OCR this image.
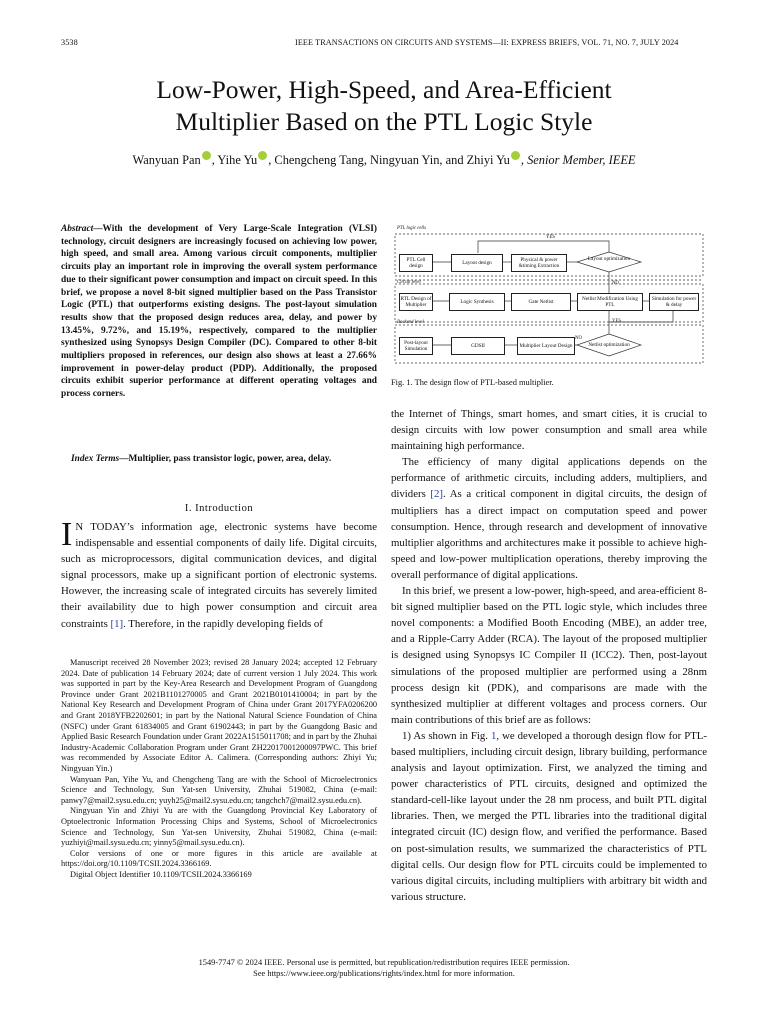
3538	IEEE TRANSACTIONS ON CIRCUITS AND SYSTEMS—II: EXPRESS BRIEFS, VOL. 71, NO. 7, JULY 2024
Low-Power, High-Speed, and Area-Efficient
Multiplier Based on the PTL Logic Style
Wanyuan Pan , Yihe Yu , Chengcheng Tang, Ningyuan Yin, and Zhiyi Yu , Senior Member, IEEE
Abstract—With the development of Very Large-Scale Integration (VLSI) technology, circuit designers are increasingly focused on achieving low power, high speed, and small area. Among various circuit components, multiplier circuits play an important role in improving the overall system performance due to their significant power consumption and impact on circuit speed. In this brief, we propose a novel 8-bit signed multiplier based on the Pass Transistor Logic (PTL) that outperforms existing designs. The post-layout simulation results show that the proposed design reduces area, delay, and power by 13.45%, 9.72%, and 15.19%, respectively, compared to the multiplier synthesized using Synopsys Design Compiler (DC). Compared to other 8-bit multipliers proposed in references, our design also shows at least a 27.66% improvement in power-delay product (PDP). Additionally, the proposed circuits exhibit superior performance at different operating voltages and process corners.
Index Terms—Multiplier, pass transistor logic, power, area, delay.
I. Introduction
I N TODAY’s information age, electronic systems have become indispensable and essential components of daily life. Digital circuits, such as microprocessors, digital communication devices, and digital signal processors, make up a significant portion of electronic systems. However, the increasing scale of integrated circuits has severely limited their availability due to high power consumption and circuit area constraints [1]. Therefore, in the rapidly developing fields of

Manuscript received 28 November 2023; revised 28 January 2024; accepted 12 February 2024. Date of publication 14 February 2024; date of current version 1 July 2024. This work was supported in part by the Key-Area Research and Development Program of Guangdong Province under Grant 2021B1101270005 and Grant 2021B0101410004; in part by the National Key Research and Development Program of China under Grant 2017YFA0206200 and Grant 2018YFB2202601; in part by the National Natural Science Foundation of China (NSFC) under Grant 61834005 and Grant 61902443; in part by the Guangdong Basic and Applied Basic Research Foundation under Grant 2022A1515011708; and in part by the Zhuhai Industry-Academic Collaboration Program under Grant ZH22017001200097PWC. This brief was recommended by Associate Editor A. Calimera. (Corresponding authors: Zhiyi Yu; Ningyuan Yin.)

Wanyuan Pan, Yihe Yu, and Chengcheng Tang are with the School of Microelectronics Science and Technology, Sun Yat-sen University, Zhuhai 519082, China (e-mail: panwy7@mail2.sysu.edu.cn; yuyh25@mail2.sysu.edu.cn; tangchch7@mail2.sysu.edu.cn).

Ningyuan Yin and Zhiyi Yu are with the Guangdong Provincial Key Laboratory of Optoelectronic Information Processing Chips and Systems, School of Microelectronics Science and Technology, Sun Yat-sen University, Zhuhai 519082, China (e-mail: yuzhiyi@mail.sysu.edu.cn; yinny5@mail.sysu.edu.cn).

Color versions of one or more figures in this article are available at https://doi.org/10.1109/TCSII.2024.3366169.

Digital Object Identifier 10.1109/TCSII.2024.3366169

PTL logic cells
Circuit level
Backend level
YES
NO
YES
NO
PTL Cell design	Layout design	Physical & power &timing Extraction
Layout optimization
RTL Design of Multiplier	Logic Synthesis	Gate Netlist	Netlist Modification Using PTL
Simulation for power & delay
Post-layout Simulation	GDSII	Multiplier Layout Design	Netlist optimization
Fig. 1. The design flow of PTL-based multiplier.

the Internet of Things, smart homes, and smart cities, it is crucial to design circuits with low power consumption and small area while maintaining high performance.

The efficiency of many digital applications depends on the performance of arithmetic circuits, including adders, multipliers, and dividers [2]. As a critical component in digital circuits, the design of multipliers has a direct impact on computation speed and power consumption. Hence, through research and development of innovative multiplier algorithms and architectures make it possible to achieve high-speed and low-power multiplication operations, thereby improving the overall performance of digital applications.

In this brief, we present a low-power, high-speed, and area-efficient 8-bit signed multiplier based on the PTL logic style, which includes three novel components: a Modified Booth Encoding (MBE), an adder tree, and a Ripple-Carry Adder (RCA). The layout of the proposed multiplier is designed using Synopsys IC Compiler II (ICC2). Then, post-layout simulations of the proposed multiplier are performed using a 28nm process design kit (PDK), and comparisons are made with the synthesized multiplier at different voltages and process corners. Our main contributions of this brief are as follows:

1) As shown in Fig. 1, we developed a thorough design flow for PTL-based multipliers, including circuit design, library building, performance analysis and layout optimization. First, we analyzed the timing and power characteristics of PTL circuits, designed and optimized the standard-cell-like layout under the 28 nm process, and built PTL digital libraries. Then, we merged the PTL libraries into the traditional digital integrated circuit (IC) design flow, and verified the performance. Based on post-simulation results, we summarized the characteristics of PTL digital cells. Our design flow for PTL circuits could be implemented to various digital circuits, including multipliers with arbitrary bit width and various structure.

1549-7747 © 2024 IEEE. Personal use is permitted, but republication/redistribution requires IEEE permission.
See https://www.ieee.org/publications/rights/index.html for more information.
